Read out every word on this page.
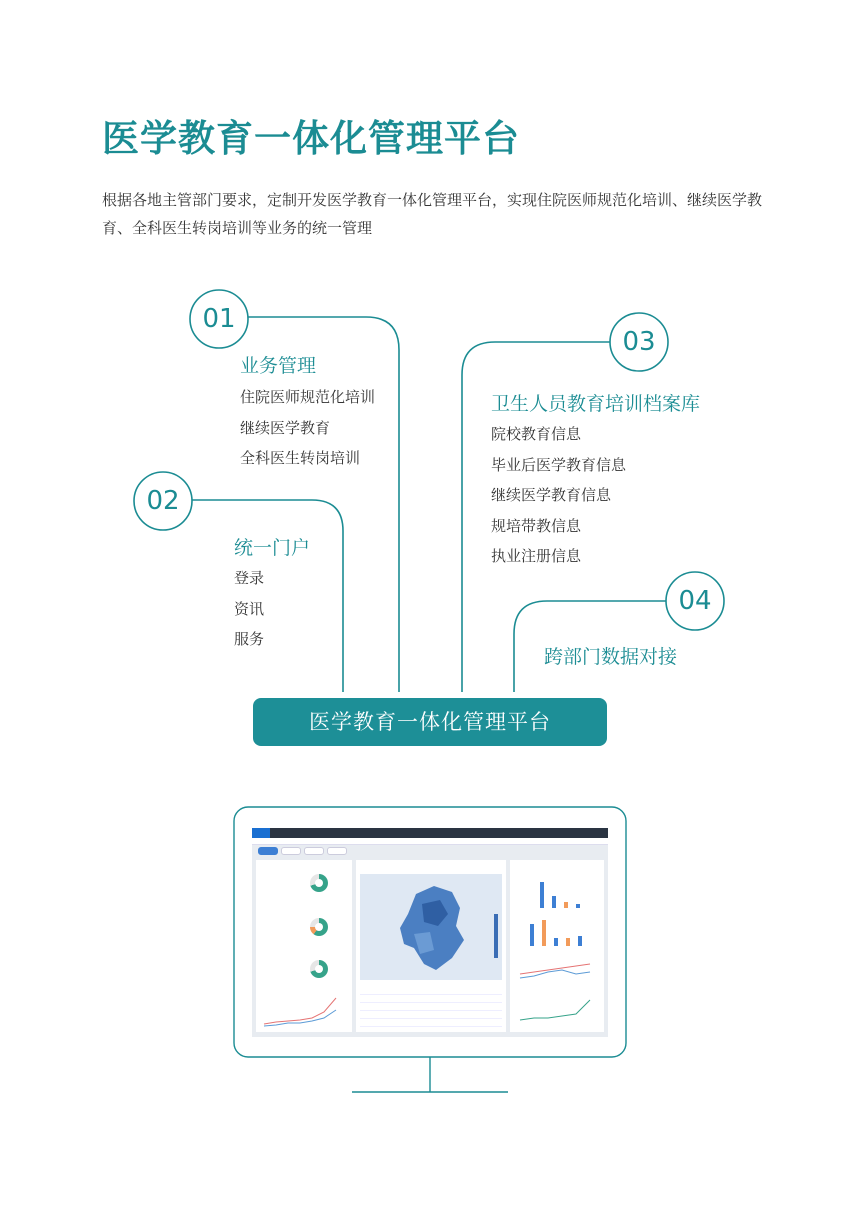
医学教育一体化管理平台
根据各地主管部门要求，定制开发医学教育一体化管理平台，实现住院医师规范化培训、继续医学教育、全科医生转岗培训等业务的统一管理
01
02
03
04
业务管理
住院医师规范化培训
继续医学教育
全科医生转岗培训
统一门户
登录
资讯
服务
卫生人员教育培训档案库
院校教育信息
毕业后医学教育信息
继续医学教育信息
规培带教信息
执业注册信息
跨部门数据对接
医学教育一体化管理平台
